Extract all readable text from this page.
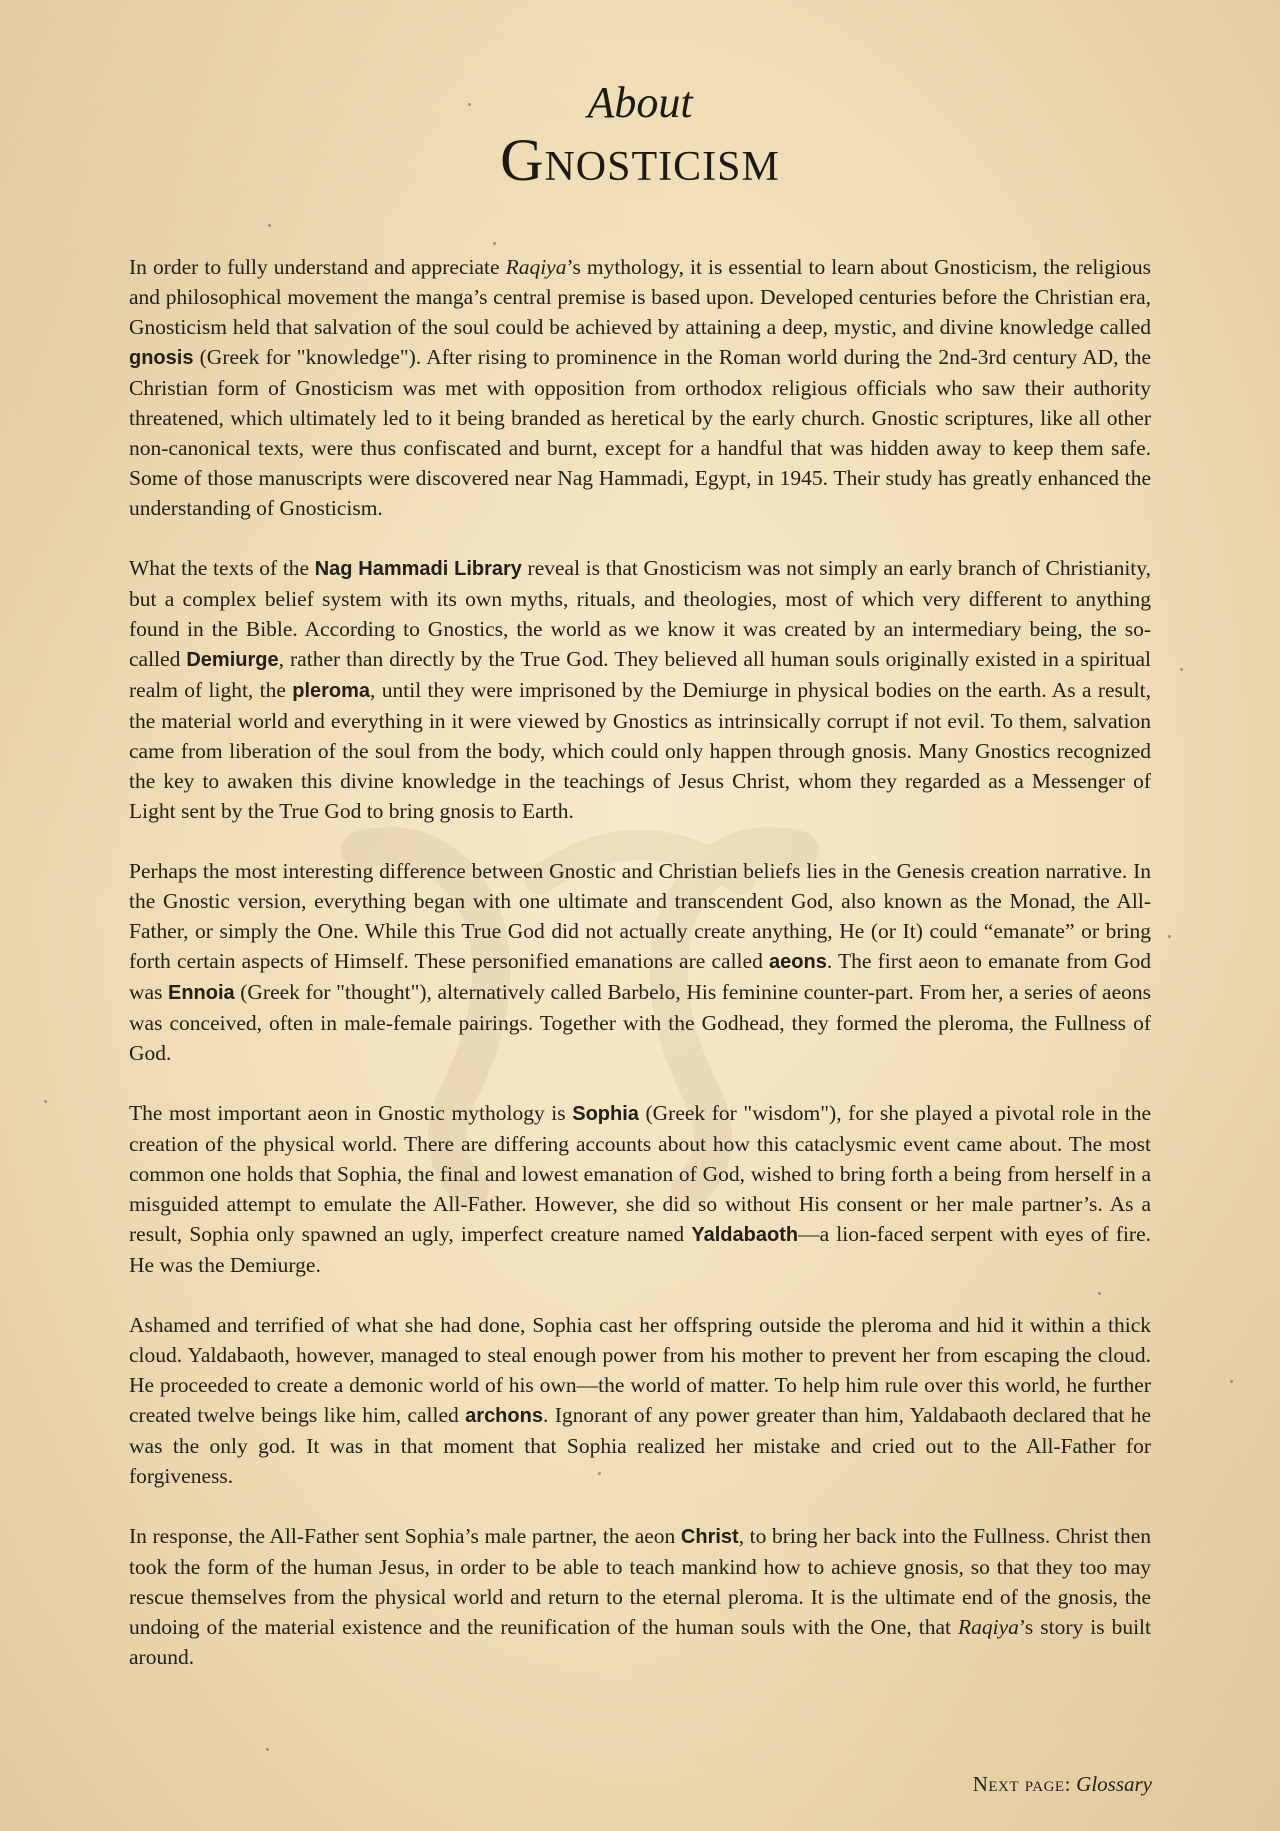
About
Gnosticism

In order to fully understand and appreciate Raqiya’s mythology, it is essential to learn about Gnosticism, the religious and philosophical movement the manga’s central premise is based upon. Developed centuries before the Christian era, Gnosticism held that salvation of the soul could be achieved by attaining a deep, mystic, and divine knowledge called gnosis (Greek for "knowledge"). After rising to prominence in the Roman world during the 2nd-3rd century AD, the Christian form of Gnosticism was met with opposition from orthodox religious officials who saw their authority threatened, which ultimately led to it being branded as heretical by the early church. Gnostic scriptures, like all other non-canonical texts, were thus confiscated and burnt, except for a handful that was hidden away to keep them safe. Some of those manuscripts were discovered near Nag Hammadi, Egypt, in 1945. Their study has greatly enhanced the understanding of Gnosticism.

What the texts of the Nag Hammadi Library reveal is that Gnosticism was not simply an early branch of Christianity, but a complex belief system with its own myths, rituals, and theologies, most of which very different to anything found in the Bible. According to Gnostics, the world as we know it was created by an intermediary being, the so-called Demiurge, rather than directly by the True God. They believed all human souls originally existed in a spiritual realm of light, the pleroma, until they were imprisoned by the Demiurge in physical bodies on the earth. As a result, the material world and everything in it were viewed by Gnostics as intrinsically corrupt if not evil. To them, salvation came from liberation of the soul from the body, which could only happen through gnosis. Many Gnostics recognized the key to awaken this divine knowledge in the teachings of Jesus Christ, whom they regarded as a Messenger of Light sent by the True God to bring gnosis to Earth.

Perhaps the most interesting difference between Gnostic and Christian beliefs lies in the Genesis creation narrative. In the Gnostic version, everything began with one ultimate and transcendent God, also known as the Monad, the All-Father, or simply the One. While this True God did not actually create anything, He (or It) could “emanate” or bring forth certain aspects of Himself. These personified emanations are called aeons. The first aeon to emanate from God was Ennoia (Greek for "thought"), alternatively called Barbelo, His feminine counter-part. From her, a series of aeons was conceived, often in male-female pairings. Together with the Godhead, they formed the pleroma, the Fullness of God.

The most important aeon in Gnostic mythology is Sophia (Greek for "wisdom"), for she played a pivotal role in the creation of the physical world. There are differing accounts about how this cataclysmic event came about. The most common one holds that Sophia, the final and lowest emanation of God, wished to bring forth a being from herself in a misguided attempt to emulate the All-Father. However, she did so without His consent or her male partner’s. As a result, Sophia only spawned an ugly, imperfect creature named Yaldabaoth—a lion-faced serpent with eyes of fire. He was the Demiurge.

Ashamed and terrified of what she had done, Sophia cast her offspring outside the pleroma and hid it within a thick cloud. Yaldabaoth, however, managed to steal enough power from his mother to prevent her from escaping the cloud. He proceeded to create a demonic world of his own—the world of matter. To help him rule over this world, he further created twelve beings like him, called archons. Ignorant of any power greater than him, Yaldabaoth declared that he was the only god. It was in that moment that Sophia realized her mistake and cried out to the All-Father for forgiveness.

In response, the All-Father sent Sophia’s male partner, the aeon Christ, to bring her back into the Fullness. Christ then took the form of the human Jesus, in order to be able to teach mankind how to achieve gnosis, so that they too may rescue themselves from the physical world and return to the eternal pleroma. It is the ultimate end of the gnosis, the undoing of the material existence and the reunification of the human souls with the One, that Raqiya’s story is built around.

Next page: Glossary
